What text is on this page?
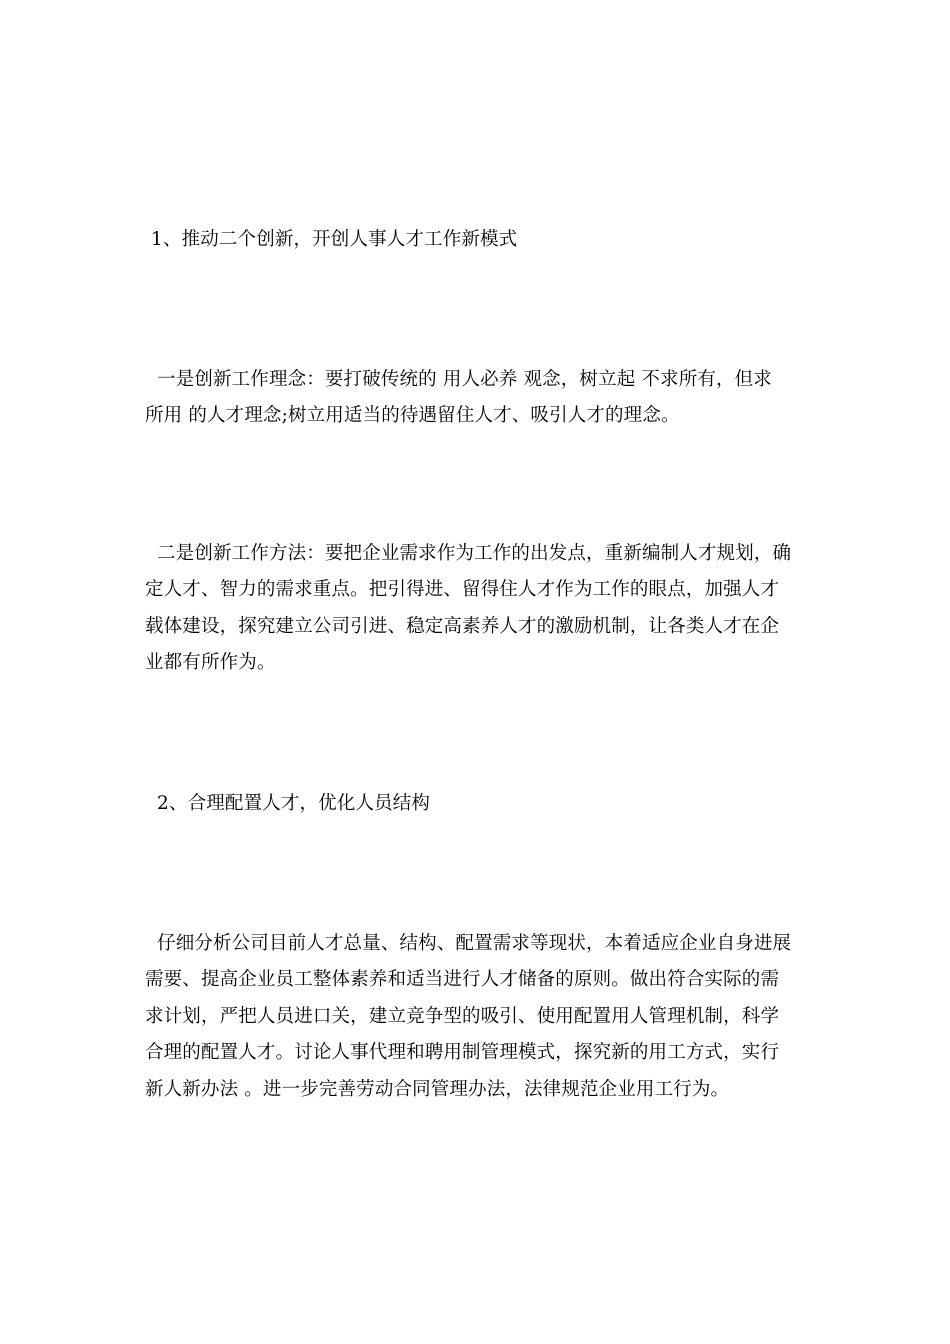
1、推动二个创新，开创人事人才工作新模式
一是创新工作理念：要打破传统的 用人必养 观念，树立起 不求所有，但求
所用 的人才理念;树立用适当的待遇留住人才、吸引人才的理念。
二是创新工作方法：要把企业需求作为工作的出发点，重新编制人才规划，确
定人才、智力的需求重点。把引得进、留得住人才作为工作的眼点，加强人才
载体建设，探究建立公司引进、稳定高素养人才的激励机制，让各类人才在企
业都有所作为。
2、合理配置人才，优化人员结构
仔细分析公司目前人才总量、结构、配置需求等现状，本着适应企业自身进展
需要、提高企业员工整体素养和适当进行人才储备的原则。做出符合实际的需
求计划，严把人员进口关，建立竞争型的吸引、使用配置用人管理机制，科学
合理的配置人才。讨论人事代理和聘用制管理模式，探究新的用工方式，实行
新人新办法 。进一步完善劳动合同管理办法，法律规范企业用工行为。
